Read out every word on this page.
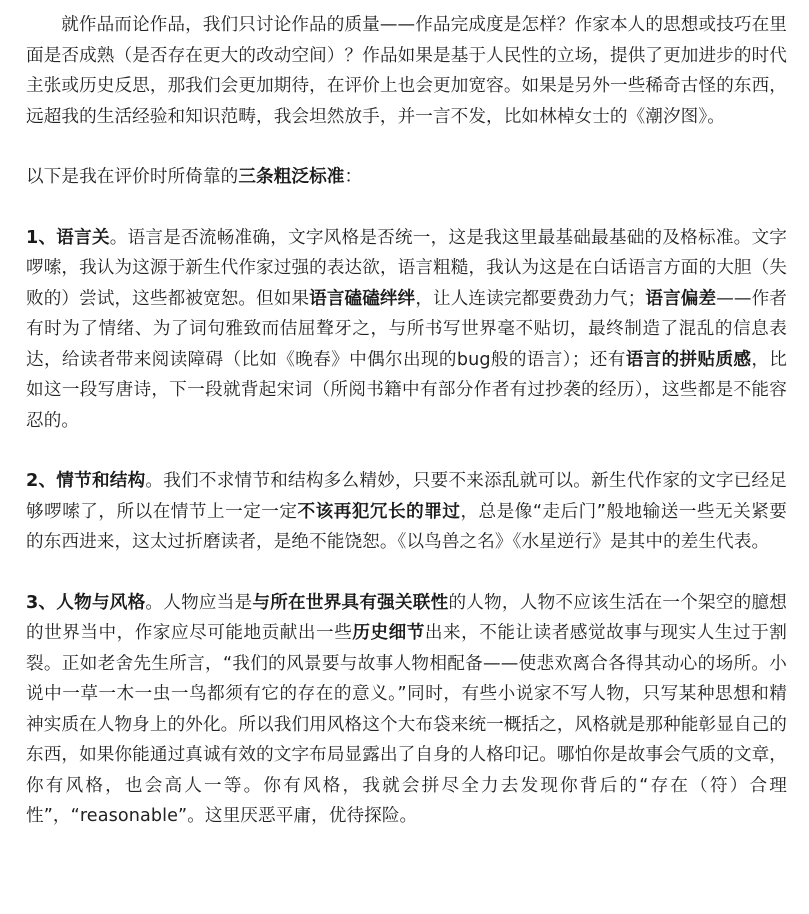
就作品而论作品，我们只讨论作品的质量——作品完成度是怎样？作家本人的思想或技巧在里面是否成熟（是否存在更大的改动空间）？作品如果是基于人民性的立场，提供了更加进步的时代主张或历史反思，那我们会更加期待，在评价上也会更加宽容。如果是另外一些稀奇古怪的东西，远超我的生活经验和知识范畴，我会坦然放手，并一言不发，比如林棹女士的《潮汐图》。

以下是我在评价时所倚靠的三条粗泛标准：

1、语言关。语言是否流畅准确，文字风格是否统一，这是我这里最基础最基础的及格标准。文字啰嗦，我认为这源于新生代作家过强的表达欲，语言粗糙，我认为这是在白话语言方面的大胆（失败的）尝试，这些都被宽恕。但如果语言磕磕绊绊，让人连读完都要费劲力气；语言偏差——作者有时为了情绪、为了词句雅致而佶屈聱牙之，与所书写世界毫不贴切，最终制造了混乱的信息表达，给读者带来阅读障碍（比如《晚春》中偶尔出现的bug般的语言）；还有语言的拼贴质感，比如这一段写唐诗，下一段就背起宋词（所阅书籍中有部分作者有过抄袭的经历），这些都是不能容忍的。

2、情节和结构。我们不求情节和结构多么精妙，只要不来添乱就可以。新生代作家的文字已经足够啰嗦了，所以在情节上一定一定不该再犯冗长的罪过，总是像“走后门”般地输送一些无关紧要的东西进来，这太过折磨读者，是绝不能饶恕。《以鸟兽之名》《水星逆行》是其中的差生代表。

3、人物与风格。人物应当是与所在世界具有强关联性的人物，人物不应该生活在一个架空的臆想的世界当中，作家应尽可能地贡献出一些历史细节出来，不能让读者感觉故事与现实人生过于割裂。正如老舍先生所言，“我们的风景要与故事人物相配备——使悲欢离合各得其动心的场所。小说中一草一木一虫一鸟都须有它的存在的意义。”同时，有些小说家不写人物，只写某种思想和精神实质在人物身上的外化。所以我们用风格这个大布袋来统一概括之，风格就是那种能彰显自己的东西，如果你能通过真诚有效的文字布局显露出了自身的人格印记。哪怕你是故事会气质的文章，你有风格，也会高人一等。你有风格，我就会拼尽全力去发现你背后的“存在（符）合理性”，“reasonable”。这里厌恶平庸，优待探险。
